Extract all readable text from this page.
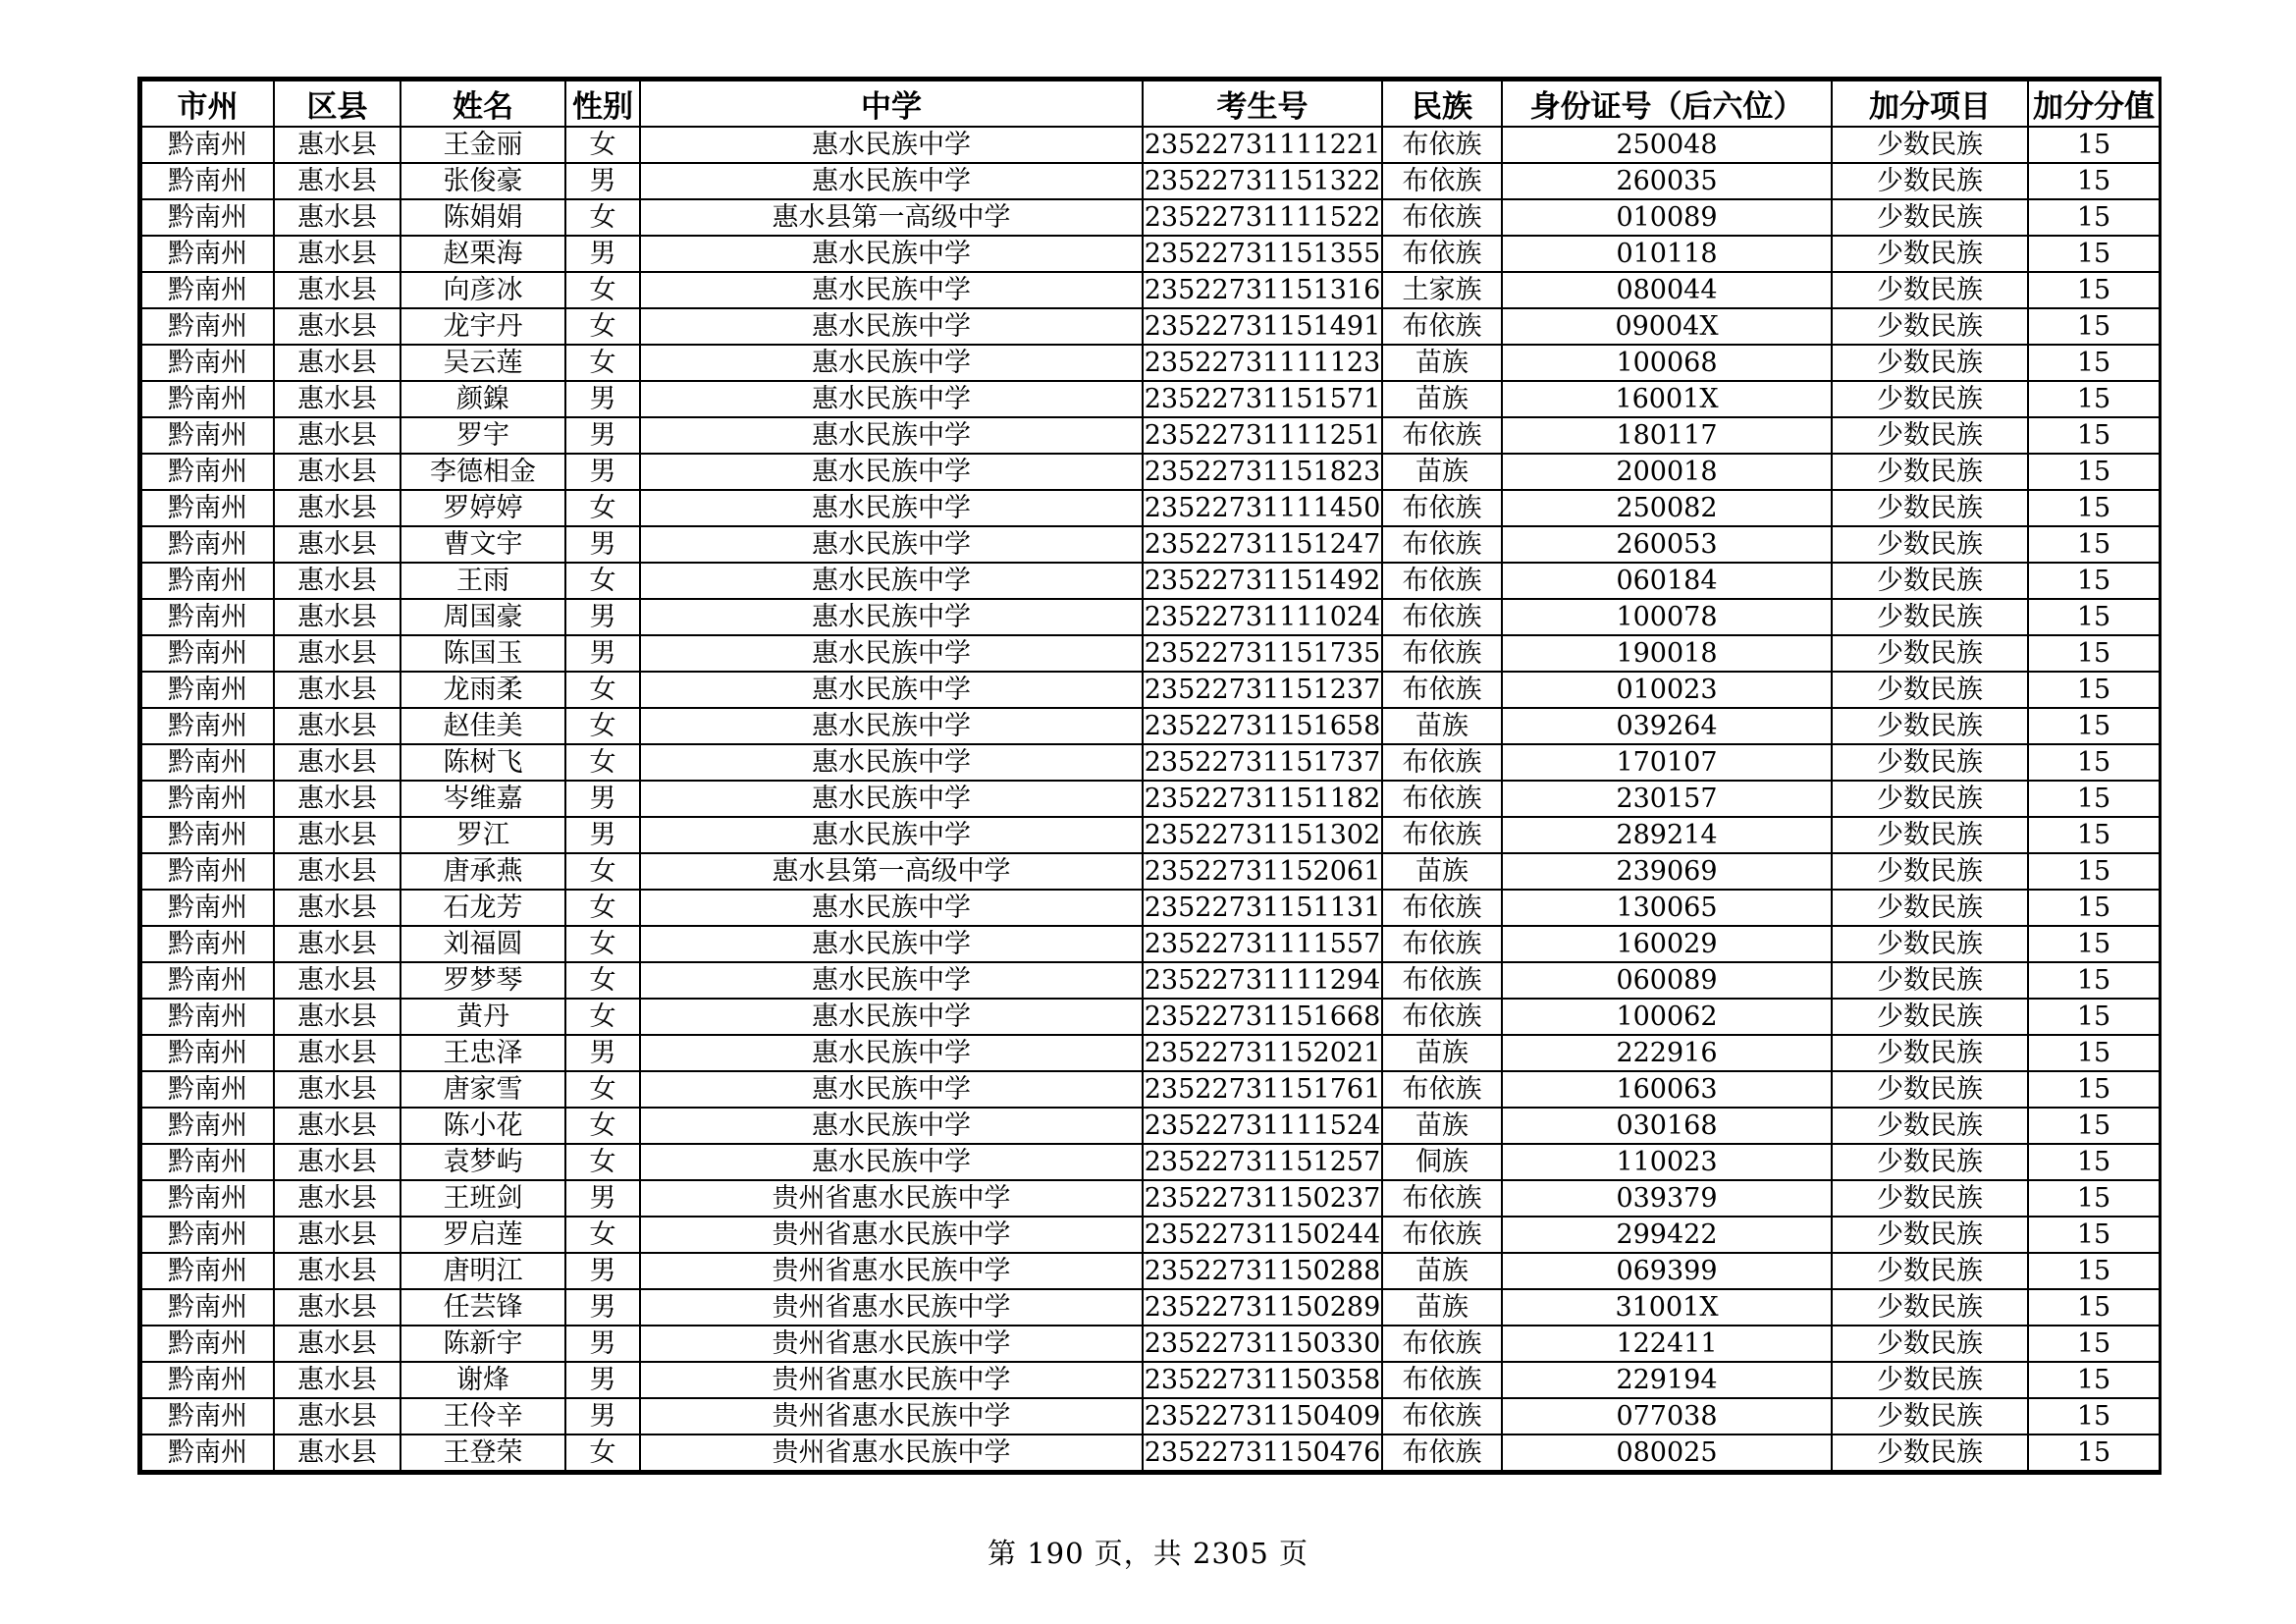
市州	区县	姓名	性别	中学	考生号	民族	身份证号（后六位）	加分项目	加分分值
黔南州	惠水县	王金丽	女	惠水民族中学	23522731111221	布依族	250048	少数民族	15
黔南州	惠水县	张俊豪	男	惠水民族中学	23522731151322	布依族	260035	少数民族	15
黔南州	惠水县	陈娟娟	女	惠水县第一高级中学	23522731111522	布依族	010089	少数民族	15
黔南州	惠水县	赵栗海	男	惠水民族中学	23522731151355	布依族	010118	少数民族	15
黔南州	惠水县	向彦冰	女	惠水民族中学	23522731151316	土家族	080044	少数民族	15
黔南州	惠水县	龙宇丹	女	惠水民族中学	23522731151491	布依族	09004X	少数民族	15
黔南州	惠水县	吴云莲	女	惠水民族中学	23522731111123	苗族	100068	少数民族	15
黔南州	惠水县	颜鎳	男	惠水民族中学	23522731151571	苗族	16001X	少数民族	15
黔南州	惠水县	罗宇	男	惠水民族中学	23522731111251	布依族	180117	少数民族	15
黔南州	惠水县	李德相金	男	惠水民族中学	23522731151823	苗族	200018	少数民族	15
黔南州	惠水县	罗婷婷	女	惠水民族中学	23522731111450	布依族	250082	少数民族	15
黔南州	惠水县	曹文宇	男	惠水民族中学	23522731151247	布依族	260053	少数民族	15
黔南州	惠水县	王雨	女	惠水民族中学	23522731151492	布依族	060184	少数民族	15
黔南州	惠水县	周国豪	男	惠水民族中学	23522731111024	布依族	100078	少数民族	15
黔南州	惠水县	陈国玉	男	惠水民族中学	23522731151735	布依族	190018	少数民族	15
黔南州	惠水县	龙雨柔	女	惠水民族中学	23522731151237	布依族	010023	少数民族	15
黔南州	惠水县	赵佳美	女	惠水民族中学	23522731151658	苗族	039264	少数民族	15
黔南州	惠水县	陈树飞	女	惠水民族中学	23522731151737	布依族	170107	少数民族	15
黔南州	惠水县	岑维嘉	男	惠水民族中学	23522731151182	布依族	230157	少数民族	15
黔南州	惠水县	罗江	男	惠水民族中学	23522731151302	布依族	289214	少数民族	15
黔南州	惠水县	唐承燕	女	惠水县第一高级中学	23522731152061	苗族	239069	少数民族	15
黔南州	惠水县	石龙芳	女	惠水民族中学	23522731151131	布依族	130065	少数民族	15
黔南州	惠水县	刘福圆	女	惠水民族中学	23522731111557	布依族	160029	少数民族	15
黔南州	惠水县	罗梦琴	女	惠水民族中学	23522731111294	布依族	060089	少数民族	15
黔南州	惠水县	黄丹	女	惠水民族中学	23522731151668	布依族	100062	少数民族	15
黔南州	惠水县	王忠泽	男	惠水民族中学	23522731152021	苗族	222916	少数民族	15
黔南州	惠水县	唐家雪	女	惠水民族中学	23522731151761	布依族	160063	少数民族	15
黔南州	惠水县	陈小花	女	惠水民族中学	23522731111524	苗族	030168	少数民族	15
黔南州	惠水县	袁梦屿	女	惠水民族中学	23522731151257	侗族	110023	少数民族	15
黔南州	惠水县	王班剑	男	贵州省惠水民族中学	23522731150237	布依族	039379	少数民族	15
黔南州	惠水县	罗启莲	女	贵州省惠水民族中学	23522731150244	布依族	299422	少数民族	15
黔南州	惠水县	唐明江	男	贵州省惠水民族中学	23522731150288	苗族	069399	少数民族	15
黔南州	惠水县	任芸锋	男	贵州省惠水民族中学	23522731150289	苗族	31001X	少数民族	15
黔南州	惠水县	陈新宇	男	贵州省惠水民族中学	23522731150330	布依族	122411	少数民族	15
黔南州	惠水县	谢烽	男	贵州省惠水民族中学	23522731150358	布依族	229194	少数民族	15
黔南州	惠水县	王伶辛	男	贵州省惠水民族中学	23522731150409	布依族	077038	少数民族	15
黔南州	惠水县	王登荣	女	贵州省惠水民族中学	23522731150476	布依族	080025	少数民族	15
第 190 页，共 2305 页
